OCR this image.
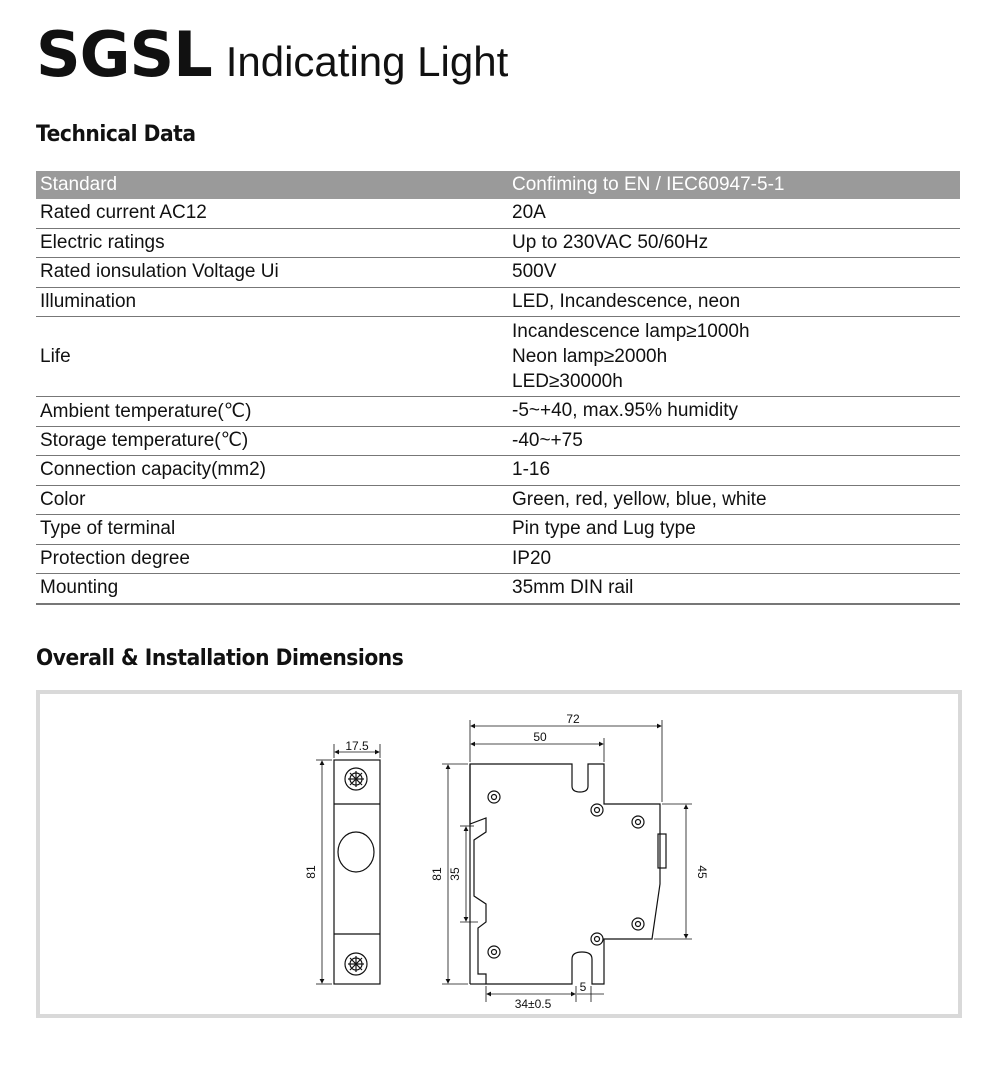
SGSL Indicating Light
Technical Data
Standard	Confiming to EN / IEC60947-5-1
Rated current AC12	20A
Electric ratings	Up to 230VAC 50/60Hz
Rated ionsulation Voltage Ui	500V
Illumination	LED, Incandescence, neon
Life	Incandescence lamp≥1000h
Neon lamp≥2000h
LED≥30000h

Ambient temperature(℃)	-5~+40, max.95% humidity
Storage temperature(℃)	-40~+75
Connection capacity(mm2)	1-16
Color	Green, red, yellow, blue, white
Type of terminal	Pin type and Lug type
Protection degree	IP20
Mounting	35mm DIN rail
Overall & Installation Dimensions
17.5
81
72
50
81 35	45
34±0.5
5
